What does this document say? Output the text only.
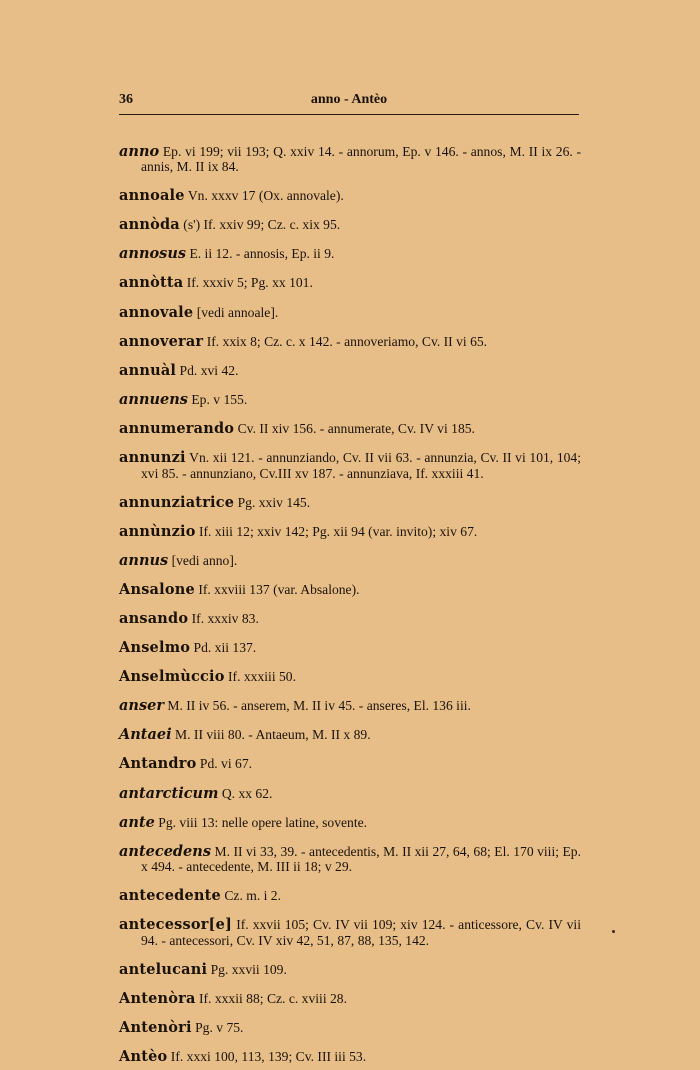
36	anno - Antèo

anno Ep. vi 199; vii 193; Q. xxiv 14. - annorum, Ep. v 146. - annos, M. II ix 26. - annis, M. II ix 84.

annoale Vn. xxxv 17 (Ox. annovale).

annòda (s') If. xxiv 99; Cz. c. xix 95.

annosus E. ii 12. - annosis, Ep. ii 9.

annòtta If. xxxiv 5; Pg. xx 101.

annovale [vedi annoale].

annoverar If. xxix 8; Cz. c. x 142. - annoveriamo, Cv. II vi 65.

annuàl Pd. xvi 42.

annuens Ep. v 155.

annumerando Cv. II xiv 156. - annumerate, Cv. IV vi 185.

annunzi Vn. xii 121. - annunziando, Cv. II vii 63. - annunzia, Cv. II vi 101, 104; xvi 85. - annunziano, Cv.III xv 187. - annunziava, If. xxxiii 41.

annunziatrice Pg. xxiv 145.

annùnzio If. xiii 12; xxiv 142; Pg. xii 94 (var. invito); xiv 67.

annus [vedi anno].

Ansalone If. xxviii 137 (var. Absalone).

ansando If. xxxiv 83.

Anselmo Pd. xii 137.

Anselmùccio If. xxxiii 50.

anser M. II iv 56. - anserem, M. II iv 45. - anseres, El. 136 iii.

Antaei M. II viii 80. - Antaeum, M. II x 89.

Antandro Pd. vi 67.

antarcticum Q. xx 62.

ante Pg. viii 13: nelle opere latine, sovente.

antecedens M. II vi 33, 39. - antecedentis, M. II xii 27, 64, 68; El. 170 viii; Ep. x 494. - antecedente, M. III ii 18; v 29.

antecedente Cz. m. i 2.

antecessor[e] If. xxvii 105; Cv. IV vii 109; xiv 124. - anticessore, Cv. IV vii 94. - antecessori, Cv. IV xiv 42, 51, 87, 88, 135, 142.

antelucani Pg. xxvii 109.

Antenòra If. xxxii 88; Cz. c. xviii 28.

Antenòri Pg. v 75.

Antèo If. xxxi 100, 113, 139; Cv. III iii 53.
